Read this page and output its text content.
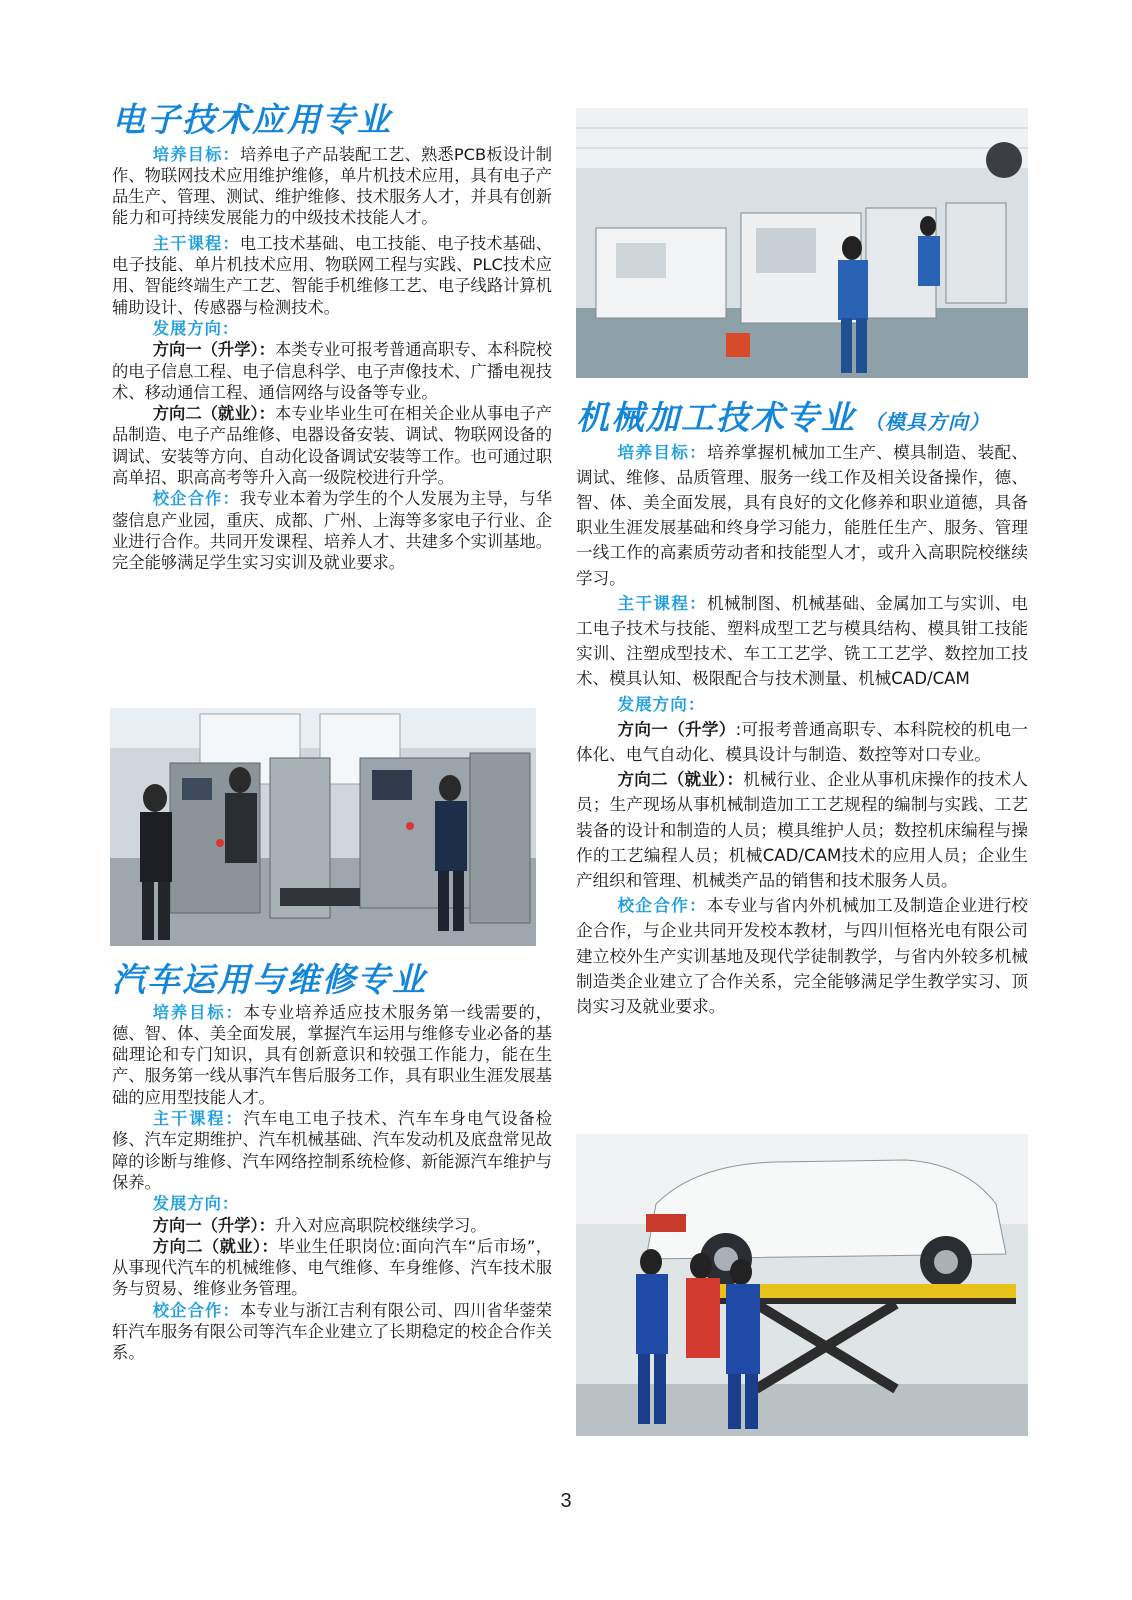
电子技术应用专业

培养目标：培养电子产品装配工艺、熟悉PCB板设计制作、物联网技术应用维护维修，单片机技术应用，具有电子产品生产、管理、测试、维护维修、技术服务人才，并具有创新能力和可持续发展能力的中级技术技能人才。

主干课程：电工技术基础、电工技能、电子技术基础、电子技能、单片机技术应用、物联网工程与实践、PLC技术应用、智能终端生产工艺、智能手机维修工艺、电子线路计算机辅助设计、传感器与检测技术。

发展方向：

方向一（升学）：本类专业可报考普通高职专、本科院校的电子信息工程、电子信息科学、电子声像技术、广播电视技术、移动通信工程、通信网络与设备等专业。

方向二（就业）：本专业毕业生可在相关企业从事电子产品制造、电子产品维修、电器设备安装、调试、物联网设备的调试、安装等方向、自动化设备调试安装等工作。也可通过职高单招、职高高考等升入高一级院校进行升学。

校企合作：我专业本着为学生的个人发展为主导，与华蓥信息产业园，重庆、成都、广州、上海等多家电子行业、企业进行合作。共同开发课程、培养人才、共建多个实训基地。完全能够满足学生实习实训及就业要求。

汽车运用与维修专业

培养目标：本专业培养适应技术服务第一线需要的，德、智、体、美全面发展，掌握汽车运用与维修专业必备的基础理论和专门知识，具有创新意识和较强工作能力，能在生产、服务第一线从事汽车售后服务工作，具有职业生涯发展基础的应用型技能人才。

主干课程：汽车电工电子技术、汽车车身电气设备检修、汽车定期维护、汽车机械基础、汽车发动机及底盘常见故障的诊断与维修、汽车网络控制系统检修、新能源汽车维护与保养。

发展方向：

方向一（升学）：升入对应高职院校继续学习。

方向二（就业）：毕业生任职岗位:面向汽车“后市场”，从事现代汽车的机械维修、电气维修、车身维修、汽车技术服务与贸易、维修业务管理。

校企合作：本专业与浙江吉利有限公司、四川省华蓥荣轩汽车服务有限公司等汽车企业建立了长期稳定的校企合作关系。

机械加工技术专业 （模具方向）

培养目标：培养掌握机械加工生产、模具制造、装配、调试、维修、品质管理、服务一线工作及相关设备操作，德、智、体、美全面发展，具有良好的文化修养和职业道德，具备职业生涯发展基础和终身学习能力，能胜任生产、服务、管理一线工作的高素质劳动者和技能型人才，或升入高职院校继续学习。

主干课程：机械制图、机械基础、金属加工与实训、电工电子技术与技能、塑料成型工艺与模具结构、模具钳工技能实训、注塑成型技术、车工工艺学、铣工工艺学、数控加工技术、模具认知、极限配合与技术测量、机械CAD/CAM

发展方向：

方向一（升学）:可报考普通高职专、本科院校的机电一体化、电气自动化、模具设计与制造、数控等对口专业。

方向二（就业）：机械行业、企业从事机床操作的技术人员；生产现场从事机械制造加工工艺规程的编制与实践、工艺装备的设计和制造的人员；模具维护人员；数控机床编程与操作的工艺编程人员；机械CAD/CAM技术的应用人员；企业生产组织和管理、机械类产品的销售和技术服务人员。

校企合作：本专业与省内外机械加工及制造企业进行校企合作，与企业共同开发校本教材，与四川恒格光电有限公司建立校外生产实训基地及现代学徒制教学，与省内外较多机械制造类企业建立了合作关系，完全能够满足学生教学实习、顶岗实习及就业要求。

3
